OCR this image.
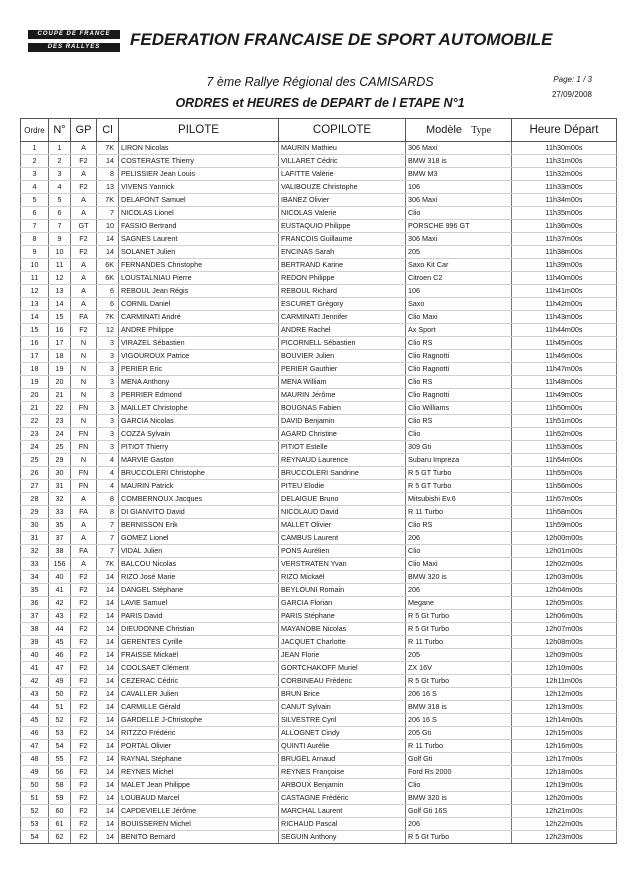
COUPE DE FRANCE
DES RALLYES	FEDERATION FRANCAISE DE SPORT AUTOMOBILE
7 ème Rallye Régional des CAMISARDS
ORDRES et HEURES de DEPART de l ETAPE N°1
Page: 1 / 3
27/09/2008
Ordre	N°	GP	Cl	PILOTE	COPILOTE	Modèle Type	Heure Départ
1	1	A	7K	LIRON Nicolas	MAURIN Mathieu	306 Maxi	11h30m00s
2	2	F2	14	COSTERASTE Thierry	VILLARET Cédric	BMW 318 is	11h31m00s
3	3	A	8	PELISSIER Jean Louis	LAFITTE Valérie	BMW M3	11h32m00s
4	4	F2	13	VIVENS Yannick	VALIBOUZE Christophe	106	11h33m00s
5	5	A	7K	DELAFONT Samuel	IBANEZ Olivier	306 Maxi	11h34m00s
6	6	A	7	NICOLAS Lionel	NICOLAS Valerie	Clio	11h35m00s
7	7	GT	10	FASSIO Bertrand	EUSTAQUIO Philippe	PORSCHE 996 GT	11h36m00s
8	9	F2	14	SAGNES Laurent	FRANCOIS Guillaume	306 Maxi	11h37m00s
9	10	F2	14	SOLANET Julien	ENCINAS Sarah	205	11h38m00s
10	11	A	6K	FERNANDES Christophe	BERTRAND Karine	Saxo Kit Car	11h39m00s
11	12	A	6K	LOUSTALNIAU Pierre	REDON Philippe	Citroen C2	11h40m00s
12	13	A	6	REBOUL Jean Régis	REBOUL Richard	106	11h41m00s
13	14	A	6	CORNIL Daniel	ESCURET Grégory	Saxo	11h42m00s
14	15	FA	7K	CARMINATI André	CARMINATI Jennifer	Clio Maxi	11h43m00s
15	16	F2	12	ANDRE Philippe	ANDRE Rachel	Ax Sport	11h44m00s
16	17	N	3	VIRAZEL Sébastien	PICORNELL Sébastien	Clio RS	11h45m00s
17	18	N	3	VIGOUROUX Patrice	BOUVIER Julien	Clio Ragnotti	11h46m00s
18	19	N	3	PERIER Eric	PERIER Gauthier	Clio Ragnotti	11h47m00s
19	20	N	3	MENA Anthony	MENA William	Clio RS	11h48m00s
20	21	N	3	PERRIER Edmond	MAURIN Jérôme	Clio Ragnotti	11h49m00s
21	22	FN	3	MAILLET Christophe	BOUGNAS Fabien	Clio Williams	11h50m00s
22	23	N	3	GARCIA Nicolas	DAVID Benjamin	Clio RS	11h51m00s
23	24	FN	3	COZZA Sylvain	AGARD Christine	Clio	11h52m00s
24	25	FN	3	PITIOT Thierry	PITIOT Estelle	309 Gti	11h53m00s
25	29	N	4	MARVIE Gaston	REYNAUD Laurence	Subaru Impreza	11h54m00s
26	30	FN	4	BRUCCOLERI Christophe	BRUCCOLERI Sandrine	R 5 GT Turbo	11h55m00s
27	31	FN	4	MAURIN Patrick	PITEU Elodie	R 5 GT Turbo	11h56m00s
28	32	A	8	COMBERNOUX Jacques	DELAIGUE Bruno	Mitsubishi Ev.6	11h57m00s
29	33	FA	8	DI GIANVITO David	NICOLAUD David	R 11 Turbo	11h58m00s
30	35	A	7	BERNISSON Erik	MALLET Olivier	Clio RS	11h59m00s
31	37	A	7	GOMEZ Lionel	CAMBUS Laurent	206	12h00m00s
32	38	FA	7	VIDAL Julien	PONS Aurélien	Clio	12h01m00s
33	156	A	7K	BALCOU Nicolas	VERSTRATEN Yvan	Clio Maxi	12h02m00s
34	40	F2	14	RIZO José Marie	RIZO Mickaël	BMW 320 is	12h03m00s
35	41	F2	14	DANGEL Stéphane	BEYLOUNI Romain	206	12h04m00s
36	42	F2	14	LAVIE Samuel	GARCIA Florian	Megane	12h05m00s
37	43	F2	14	PARIS David	PARIS Stéphane	R 5 Gt Turbo	12h06m00s
38	44	F2	14	DIEUDONNE Christian	MAYANOBE Nicolas	R 5 Gt Turbo	12h07m00s
39	45	F2	14	GERENTES Cyrille	JACQUET Charlotte	R 11 Turbo	12h08m00s
40	46	F2	14	FRAISSE Mickaël	JEAN Florie	205	12h09m00s
41	47	F2	14	COOLSAET Clément	GORTCHAKOFF Muriel	ZX 16V	12h10m00s
42	49	F2	14	CEZERAC Cédric	CORBINEAU Frédéric	R 5 Gt Turbo	12h11m00s
43	50	F2	14	CAVALLER Julien	BRUN Brice	206 16 S	12h12m00s
44	51	F2	14	CARMILLE Gérald	CANUT Sylvain	BMW 318 is	12h13m00s
45	52	F2	14	GARDELLE J-Christophe	SILVESTRE Cyril	206 16 S	12h14m00s
46	53	F2	14	RITZZO Frédéric	ALLOGNET Cindy	205 Gti	12h15m00s
47	54	F2	14	PORTAL Olivier	QUINTI Aurélie	R 11 Turbo	12h16m00s
48	55	F2	14	RAYNAL Stéphane	BRUGEL Arnaud	Golf Gti	12h17m00s
49	56	F2	14	REYNES Michel	REYNES Françoise	Ford Rs 2000	12h18m00s
50	58	F2	14	MALET Jean Philippe	ARBOUX Benjamin	Clio	12h19m00s
51	59	F2	14	LOUBAUD Marcel	CASTAGNE Frédéric	BMW 320 is	12h20m00s
52	60	F2	14	CAPDEVIELLE Jérôme	MARCHAL Laurent	Golf Gti 16S	12h21m00s
53	61	F2	14	BOUISSEREN Michel	RICHAUD Pascal	206	12h22m00s
54	62	F2	14	BENITO Bernard	SEGUIN Anthony	R 5 Gt Turbo	12h23m00s
